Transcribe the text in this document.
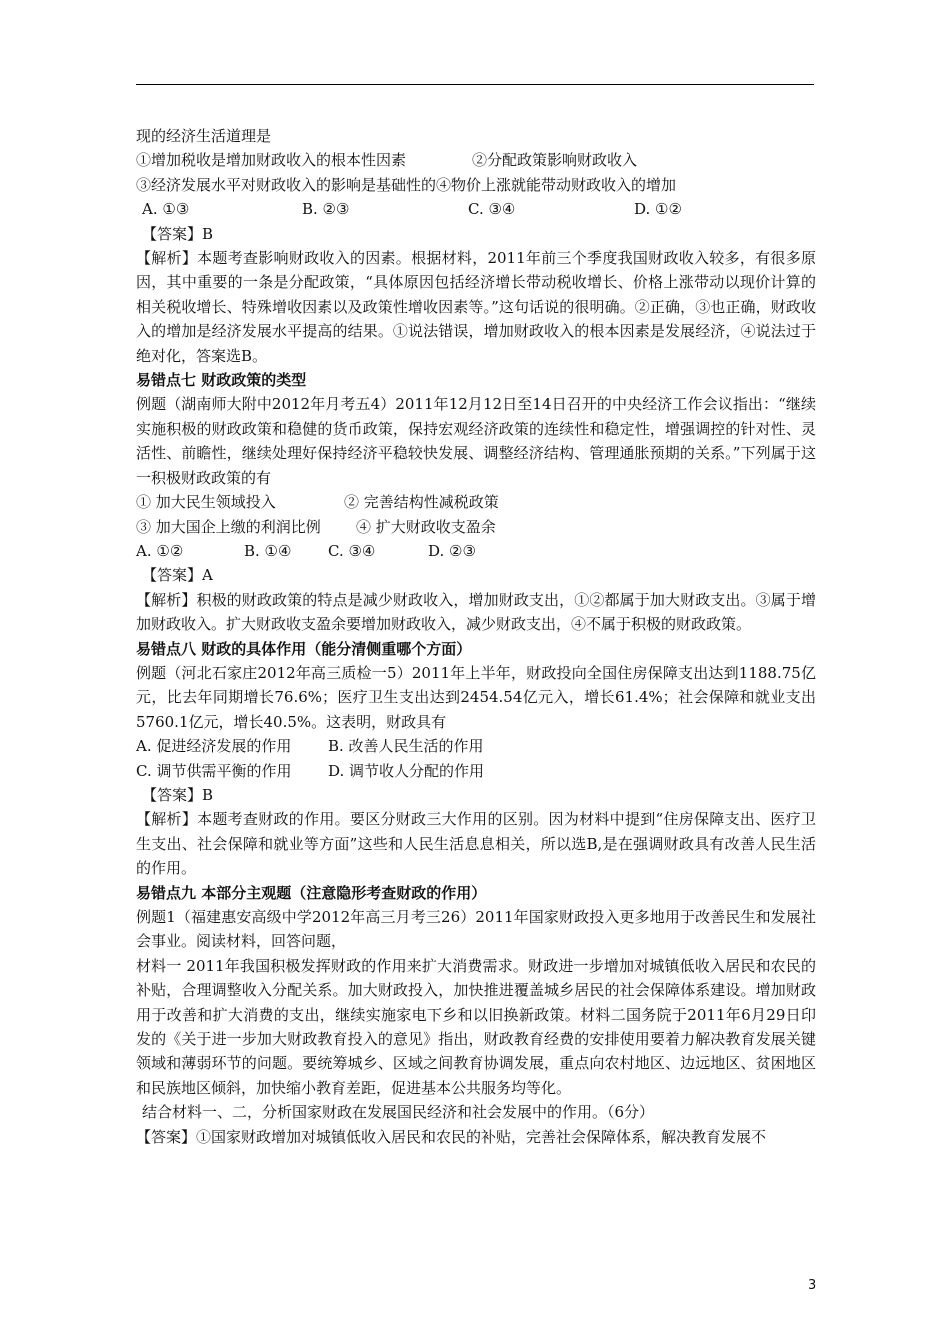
现的经济生活道理是

①增加税收是增加财政收入的根本性因素	②分配政策影响财政收入

③经济发展水平对财政收入的影响是基础性的④物价上涨就能带动财政收入的增加

A. ①③	B. ②③	C. ③④	D. ①②

【答案】B

【解析】本题考查影响财政收入的因素。根据材料，2011年前三个季度我国财政收入较多，有很多原因，其中重要的一条是分配政策，“具体原因包括经济增长带动税收增长、价格上涨带动以现价计算的相关税收增长、特殊增收因素以及政策性增收因素等。”这句话说的很明确。②正确，③也正确，财政收入的增加是经济发展水平提高的结果。①说法错误，增加财政收入的根本因素是发展经济，④说法过于绝对化，答案选B。

易错点七 财政政策的类型

例题（湖南师大附中2012年月考五4）2011年12月12日至14日召开的中央经济工作会议指出：“继续实施积极的财政政策和稳健的货币政策，保持宏观经济政策的连续性和稳定性，增强调控的针对性、灵活性、前瞻性，继续处理好保持经济平稳较快发展、调整经济结构、管理通胀预期的关系。”下列属于这一积极财政政策的有

① 加大民生领域投入	② 完善结构性减税政策
③ 加大国企上缴的利润比例	④ 扩大财政收支盈余
A. ①②	B. ①④	C. ③④	D. ②③

【答案】A

【解析】积极的财政政策的特点是减少财政收入，增加财政支出，①②都属于加大财政支出。③属于增加财政收入。扩大财政收支盈余要增加财政收入，减少财政支出，④不属于积极的财政政策。

易错点八 财政的具体作用（能分清侧重哪个方面）

例题（河北石家庄2012年高三质检一5）2011年上半年，财政投向全国住房保障支出达到1188.75亿元，比去年同期增长76.6%；医疗卫生支出达到2454.54亿元入，增长61.4%；社会保障和就业支出5760.1亿元，增长40.5%。这表明，财政具有

A. 促进经济发展的作用	B. 改善人民生活的作用
C. 调节供需平衡的作用	D. 调节收人分配的作用

【答案】B

【解析】本题考查财政的作用。要区分财政三大作用的区别。因为材料中提到“住房保障支出、医疗卫生支出、社会保障和就业等方面”这些和人民生活息息相关，所以选B,是在强调财政具有改善人民生活的作用。

易错点九 本部分主观题（注意隐形考查财政的作用）

例题1（福建惠安高级中学2012年高三月考三26）2011年国家财政投入更多地用于改善民生和发展社会事业。阅读材料，回答问题，

材料一 2011年我国积极发挥财政的作用来扩大消费需求。财政进一步增加对城镇低收入居民和农民的补贴，合理调整收入分配关系。加大财政投入，加快推进覆盖城乡居民的社会保障体系建设。增加财政用于改善和扩大消费的支出，继续实施家电下乡和以旧换新政策。材料二国务院于2011年6月29日印发的《关于进一步加大财政教育投入的意见》指出，财政教育经费的安排使用要着力解决教育发展关键领域和薄弱环节的问题。要统筹城乡、区域之间教育协调发展，重点向农村地区、边远地区、贫困地区和民族地区倾斜，加快缩小教育差距，促进基本公共服务均等化。

结合材料一、二，分析国家财政在发展国民经济和社会发展中的作用。（6分）

【答案】①国家财政增加对城镇低收入居民和农民的补贴，完善社会保障体系，解决教育发展不

3
